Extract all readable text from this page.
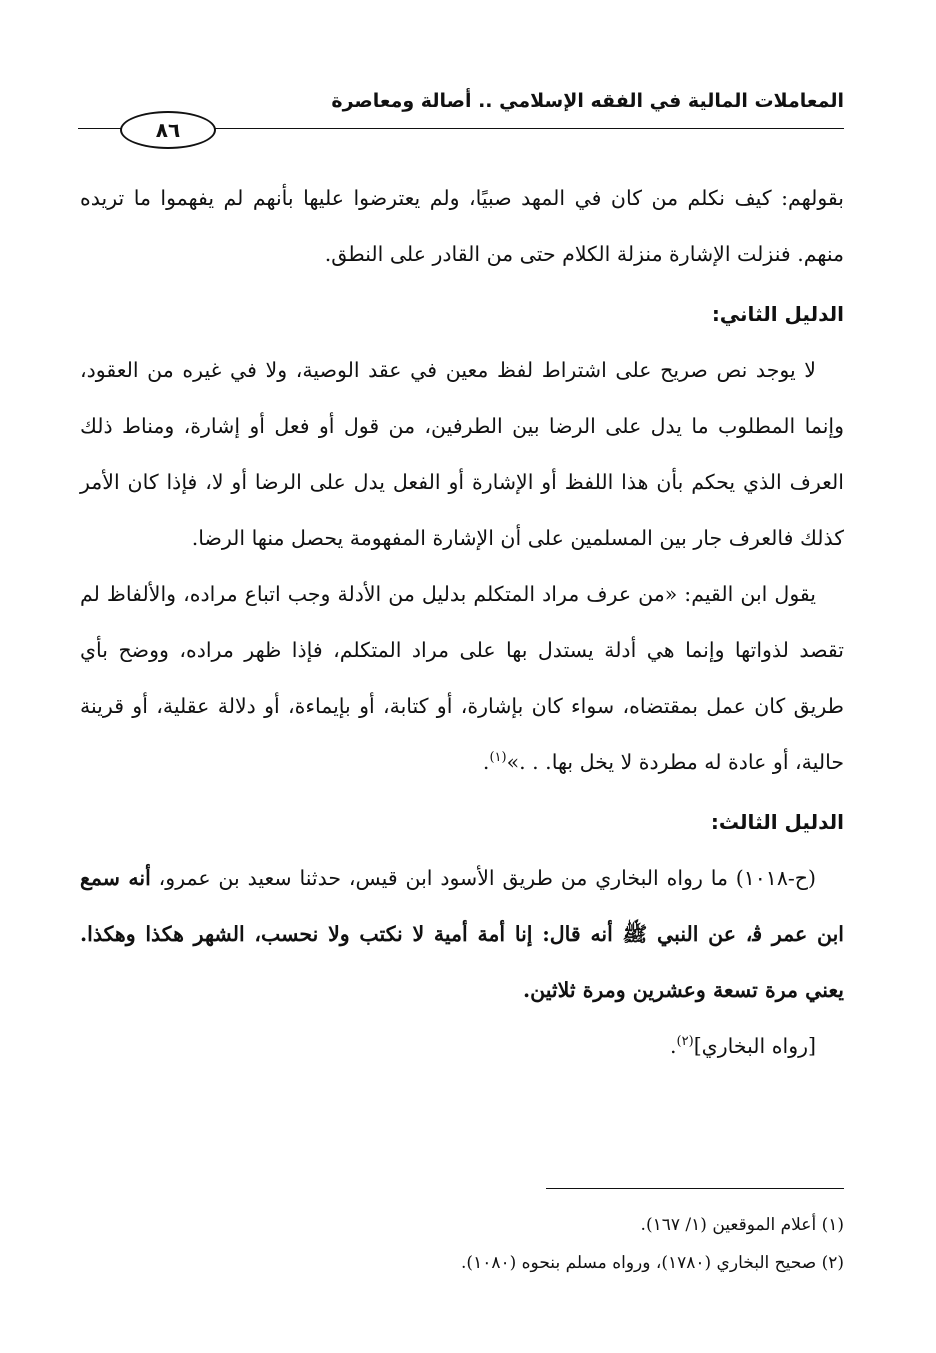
المعاملات المالية في الفقه الإسلامي .. أصالة ومعاصرة
٨٦

بقولهم: كيف نكلم من كان في المهد صبيًا، ولم يعترضوا عليها بأنهم لم يفهموا ما تريده منهم. فنزلت الإشارة منزلة الكلام حتى من القادر على النطق.

الدليل الثاني:

لا يوجد نص صريح على اشتراط لفظ معين في عقد الوصية، ولا في غيره من العقود، وإنما المطلوب ما يدل على الرضا بين الطرفين، من قول أو فعل أو إشارة، ومناط ذلك العرف الذي يحكم بأن هذا اللفظ أو الإشارة أو الفعل يدل على الرضا أو لا، فإذا كان الأمر كذلك فالعرف جار بين المسلمين على أن الإشارة المفهومة يحصل منها الرضا.

يقول ابن القيم: «من عرف مراد المتكلم بدليل من الأدلة وجب اتباع مراده، والألفاظ لم تقصد لذواتها وإنما هي أدلة يستدل بها على مراد المتكلم، فإذا ظهر مراده، ووضح بأي طريق كان عمل بمقتضاه، سواء كان بإشارة، أو كتابة، أو بإيماءة، أو دلالة عقلية، أو قرينة حالية، أو عادة له مطردة لا يخل بها. . .»$^{(١)}$.

الدليل الثالث:

(ح-١٠١٨) ما رواه البخاري من طريق الأسود ابن قيس، حدثنا سعيد بن عمرو، أنه سمع ابن عمر ﭬ، عن النبي ﷺ أنه قال: إنا أمة أمية لا نكتب ولا نحسب، الشهر هكذا وهكذا. يعني مرة تسعة وعشرين ومرة ثلاثين.

[رواه البخاري]$^{(٢)}$.

(١) أعلام الموقعين (١/ ١٦٧).

(٢) صحيح البخاري (١٧٨٠)، ورواه مسلم بنحوه (١٠٨٠).
